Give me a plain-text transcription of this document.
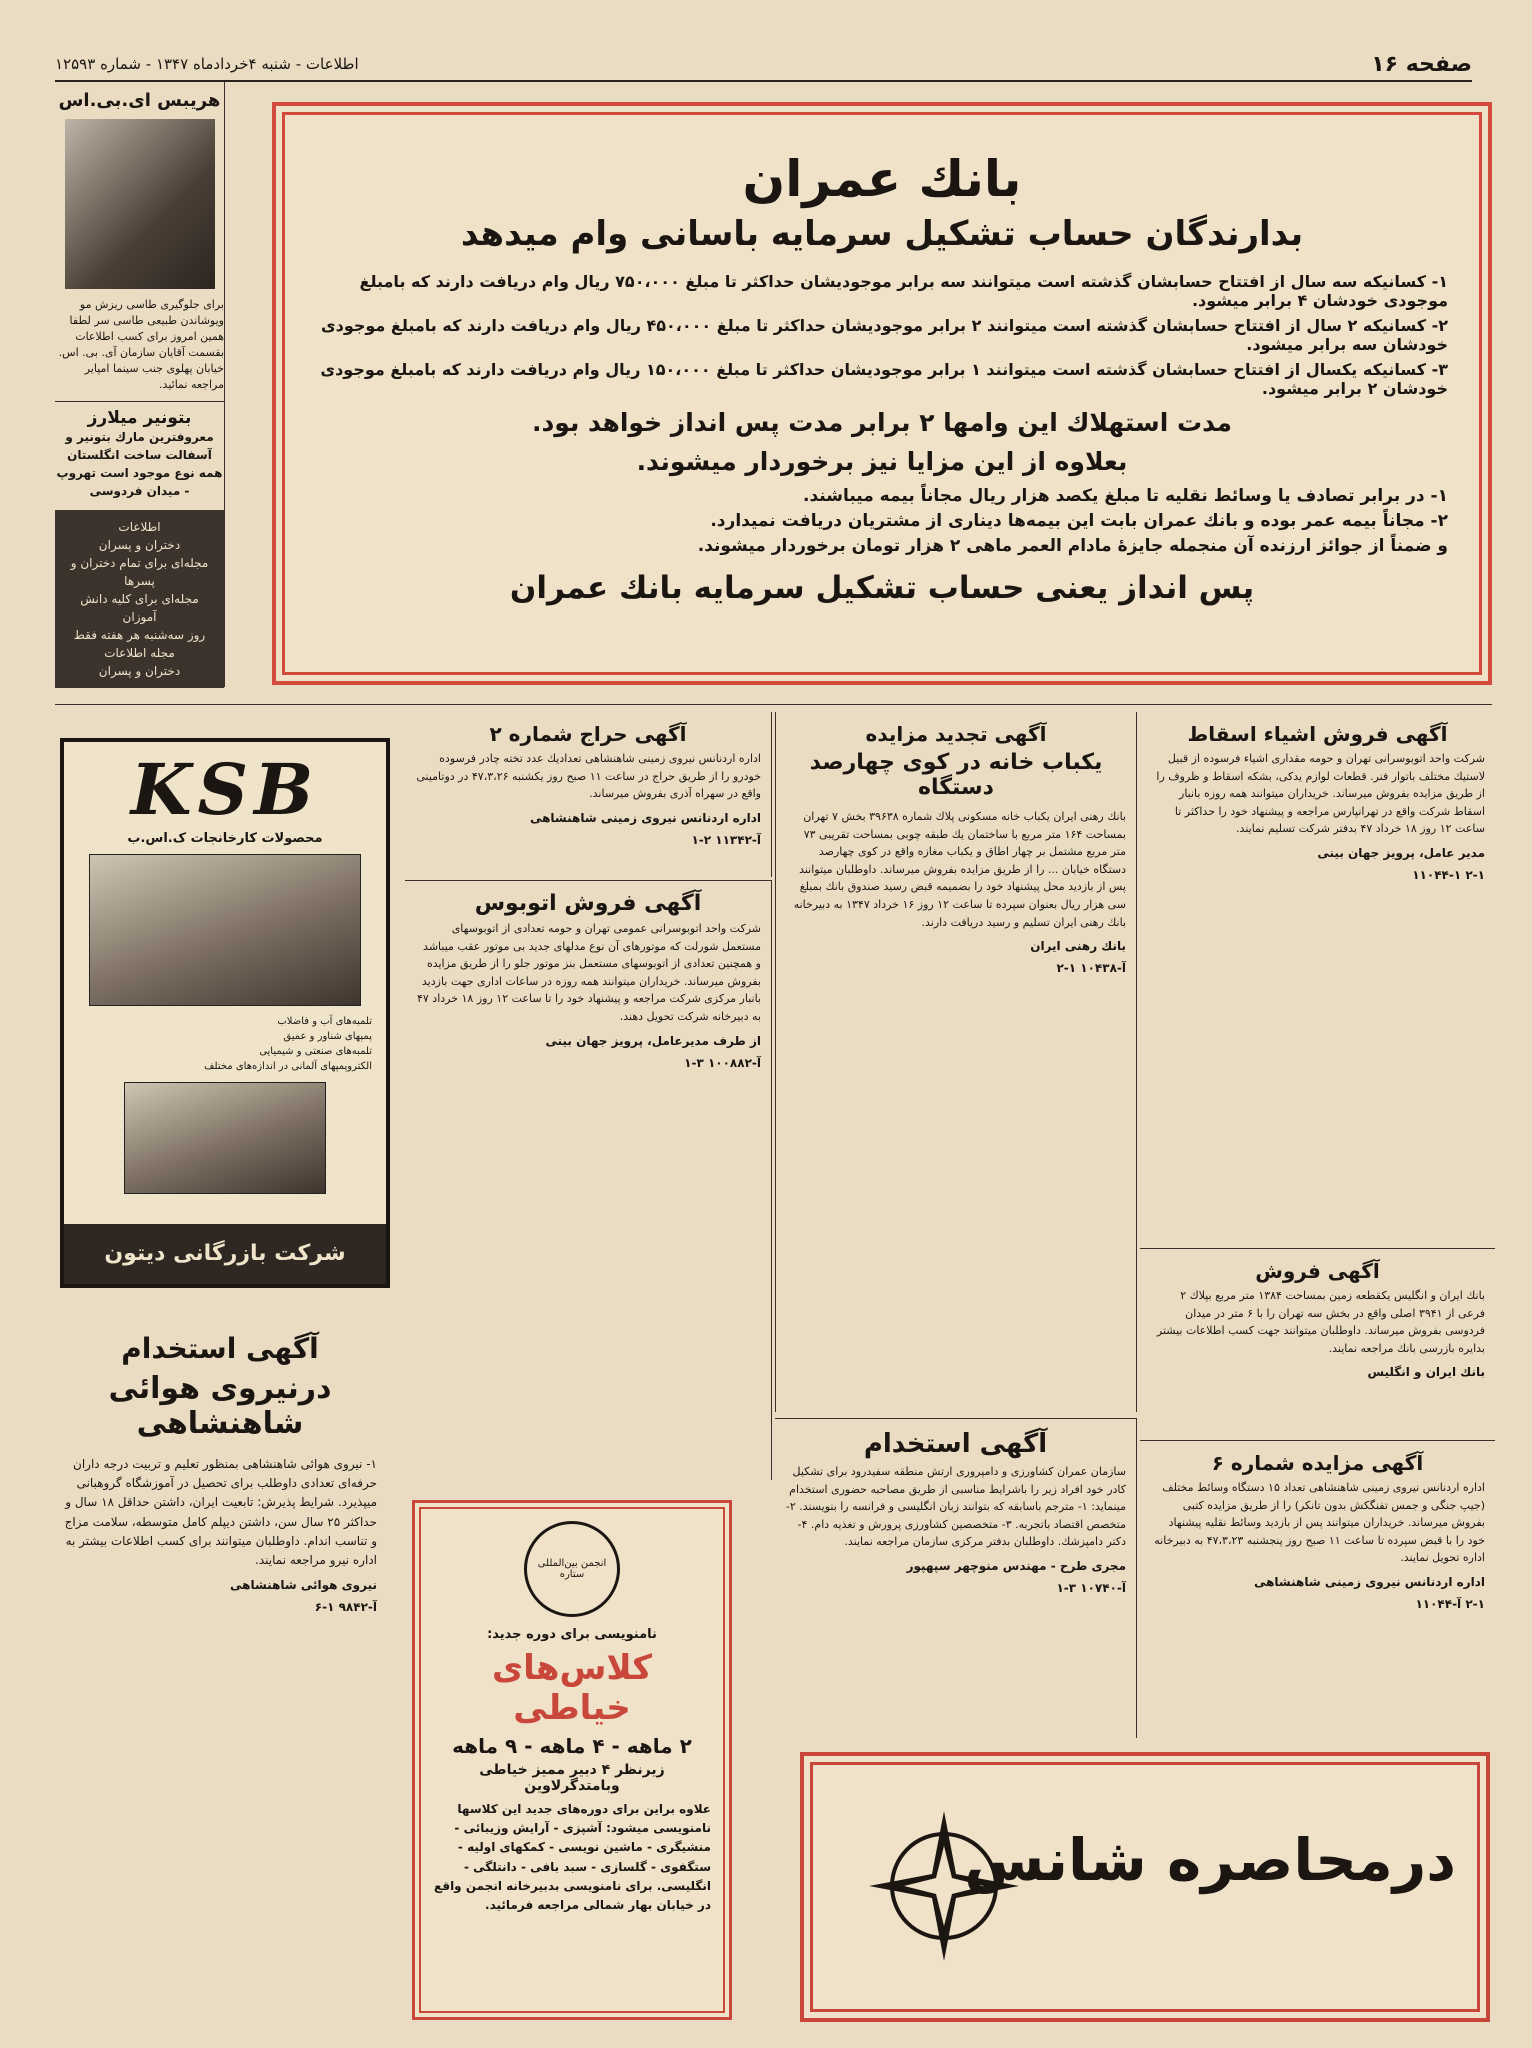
صفحه ۱۶
اطلاعات - شنبه ۴خردادماه ۱۳۴۷ - شماره ۱۲۵۹۳
هریبس ای.بی.اس
برای جلوگیری طاسی ریزش مو ویوشاندن طبیعی طاسی سر لطفا همین امروز برای کسب اطلاعات بقسمت آقایان سازمان آی. بی. اس. خیابان پهلوی جنب سینما امپایر مراجعه نمائید.
بتونیر میلارز
معروفترین مارك بتونیر و آسفالت ساخت انگلستان همه نوع موجود است تهروپ - میدان فردوسی
اطلاعات
دختران و پسران
مجله‌ای برای تمام دختران و پسرها
مجله‌ای برای کلیه دانش آموزان
روز سه‌شنبه هر هفته فقط
مجله اطلاعات
دختران و پسران
بانك عمران
بدارندگان حساب تشکیل سرمایه باسانی وام میدهد
۱- کسانیکه سه سال از افتتاح حسابشان گذشته است میتوانند سه برابر موجودیشان حداکثر تا مبلغ ۷۵۰،۰۰۰ ریال وام دریافت دارند که بامبلغ موجودی خودشان ۴ برابر میشود.
۲- کسانیکه ۲ سال از افتتاح حسابشان گذشته است میتوانند ۲ برابر موجودیشان حداکثر تا مبلغ ۴۵۰،۰۰۰ ریال وام دریافت دارند که بامبلغ موجودی خودشان سه برابر میشود.
۳- کسانیکه یکسال از افتتاح حسابشان گذشته است میتوانند ۱ برابر موجودیشان حداکثر تا مبلغ ۱۵۰،۰۰۰ ریال وام دریافت دارند که بامبلغ موجودی خودشان ۲ برابر میشود.
مدت استهلاك این وامها ۲ برابر مدت پس انداز خواهد بود.
بعلاوه از این مزایا نیز برخوردار میشوند.
۱- در برابر تصادف یا وسائط نقلیه تا مبلغ یکصد هزار ریال مجاناً بیمه میباشند.
۲- مجاناً بیمه عمر بوده و بانك عمران بابت این بیمه‌ها دیناری از مشتریان دریافت نمیدارد.
و ضمناً از جوائز ارزنده آن منجمله جایزهٔ مادام العمر ماهی ۲ هزار تومان برخوردار میشوند.
پس انداز یعنی حساب تشکیل سرمایه بانك عمران
آگهی فروش اشیاء اسقاط
شرکت واحد اتوبوسرانی تهران و حومه مقداری اشیاء فرسوده از قبیل لاستیك مختلف باتوار فنر. قطعات لوازم یدکی، بشکه اسقاط و ظروف را از طریق مزایده بفروش میرساند. خریداران میتوانند همه روزه بانبار اسقاط شرکت واقع در تهرانپارس مراجعه و پیشنهاد خود را حداکثر تا ساعت ۱۲ روز ۱۸ خرداد ۴۷ بدفتر شرکت تسلیم نمایند.
مدیر عامل، پرویز جهان بینی
۲-۱ ۱۱۰۴۴-۱
آگهی فروش
بانك ایران و انگلیس یکقطعه زمین بمساحت ۱۳۸۴ متر مربع بپلاك ۲ فرعی از ۳۹۴۱ اصلی واقع در بخش سه تهران را با ۶ متر در میدان فردوسی بفروش میرساند. داوطلبان میتوانند جهت کسب اطلاعات بیشتر بدایره بازرسی بانك مراجعه نمایند.
بانك ایران و انگلیس
آگهی مزایده شماره ۶
اداره اردنانس نیروی زمینی شاهنشاهی تعداد ۱۵ دستگاه وسائط مختلف (جیپ جنگی و جمس تفنگکش بدون تانکر) را از طریق مزایده کتبی بفروش میرساند. خریداران میتوانند پس از بازدید وسائط نقلیه پیشنهاد خود را با قبض سپرده تا ساعت ۱۱ صبح روز پنجشنبه ۴۷،۳،۲۳ به دبیرخانه اداره تحویل نمایند.
اداره اردنانس نیروی زمینی شاهنشاهی
۲-۱ آ-۱۱۰۴۴
آگهی تجدید مزایده
یکباب خانه در کوی چهارصد دستگاه
بانك رهنی ایران یکباب خانه مسکونی پلاك شماره ۳۹۶۳۸ بخش ۷ تهران بمساحت ۱۶۴ متر مربع با ساختمان یك طبقه چوبی بمساحت تقریبی ۷۳ متر مربع مشتمل بر چهار اطاق و یکباب مغازه واقع در کوی چهارصد دستگاه خیابان ... را از طریق مزایده بفروش میرساند. داوطلبان میتوانند پس از بازدید محل پیشنهاد خود را بضمیمه قبض رسید صندوق بانك بمبلغ سی هزار ریال بعنوان سپرده تا ساعت ۱۲ روز ۱۶ خرداد ۱۳۴۷ به دبیرخانه بانك رهنی ایران تسلیم و رسید دریافت دارند.
بانك رهنی ایران
آ-۱۰۴۳۸ ۱-۲
آگهی استخدام
سازمان عمران کشاورزی و دامپروری ارتش منطقه سفیدرود برای تشکیل کادر خود افراد زیر را باشرایط مناسبی از طریق مصاحبه حضوری استخدام مینماید: ۱- مترجم باسابقه که بتوانند زبان انگلیسی و فرانسه را بنویسند. ۲- متخصص اقتصاد باتجربه. ۳- متخصصین کشاورزی پرورش و تغذیه دام. ۴- دکتر دامپزشك. داوطلبان بدفتر مرکزی سازمان مراجعه نمایند.
مجری طرح - مهندس منوچهر سپهپور
آ-۱۰۷۴۰ ۳-۱
آگهی حراج شماره ۲
اداره اردنانس نیروی زمینی شاهنشاهی تعدادیك عدد تخته چادر فرسوده خودرو را از طریق حراج در ساعت ۱۱ صبح روز یکشنبه ۴۷،۳،۲۶ در دوتامینی واقع در سهراه آذری بفروش میرساند.
اداره اردنانس نیروی زمینی شاهنشاهی
آ-۱۱۳۴۲ ۲-۱
آگهی فروش اتوبوس
شرکت واحد اتوبوسرانی عمومی تهران و حومه تعدادی از اتوبوسهای مستعمل شورلت که موتورهای آن نوع مدلهای جدید بی موتور عقب میباشد و همچنین تعدادی از اتوبوسهای مستعمل بنز موتور جلو را از طریق مزایده بفروش میرساند. خریداران میتوانند همه روزه در ساعات اداری جهت بازدید بانبار مرکزی شرکت مراجعه و پیشنهاد خود را تا ساعت ۱۲ روز ۱۸ خرداد ۴۷ به دبیرخانه شرکت تحویل دهند.
از طرف مدیرعامل، پرویز جهان بینی
آ-۱۰۰۸۸۲ ۳-۱
KSB
محصولات کارخانجات ک.اس.ب
تلمبه‌های آب و فاضلاب
پمپهای شناور و عمیق
تلمبه‌های صنعتی و شیمیایی
الکتروپمپهای آلمانی در اندازه‌های مختلف
شرکت بازرگانی دیتون
آگهی استخدام
درنیروی هوائی شاهنشاهی
۱- نیروی هوائی شاهنشاهی بمنظور تعلیم و تربیت درجه داران حرفه‌ای تعدادی داوطلب برای تحصیل در آموزشگاه گروهبانی میپذیرد. شرایط پذیرش: تابعیت ایران، داشتن حداقل ۱۸ سال و حداکثر ۲۵ سال سن، داشتن دیپلم کامل متوسطه، سلامت مزاج و تناسب اندام. داوطلبان میتوانند برای کسب اطلاعات بیشتر به اداره نیرو مراجعه نمایند.
نیروی هوائی شاهنشاهی
آ-۹۸۴۲ ۱-۶
انجمن بین‌المللی ستاره
نامنویسی برای دوره جدید:
کلاس‌های خیاطی
۲ ماهه - ۴ ماهه - ۹ ماهه
زیرنظر ۴ دبیر ممیز خیاطی وبامتدگرلاوین
علاوه براین برای دوره‌های جدید این کلاسها نامنویسی میشود: آشپزی - آرایش وزیبائی - منشیگری - ماشین نویسی - کمکهای اولیه - ستگفوی - گلسازی - سبد بافی - دانتلگی - انگلیسی. برای نامنویسی بدبیرخانه انجمن واقع در خیابان بهار شمالی مراجعه فرمائید.
درمحاصره شانس
